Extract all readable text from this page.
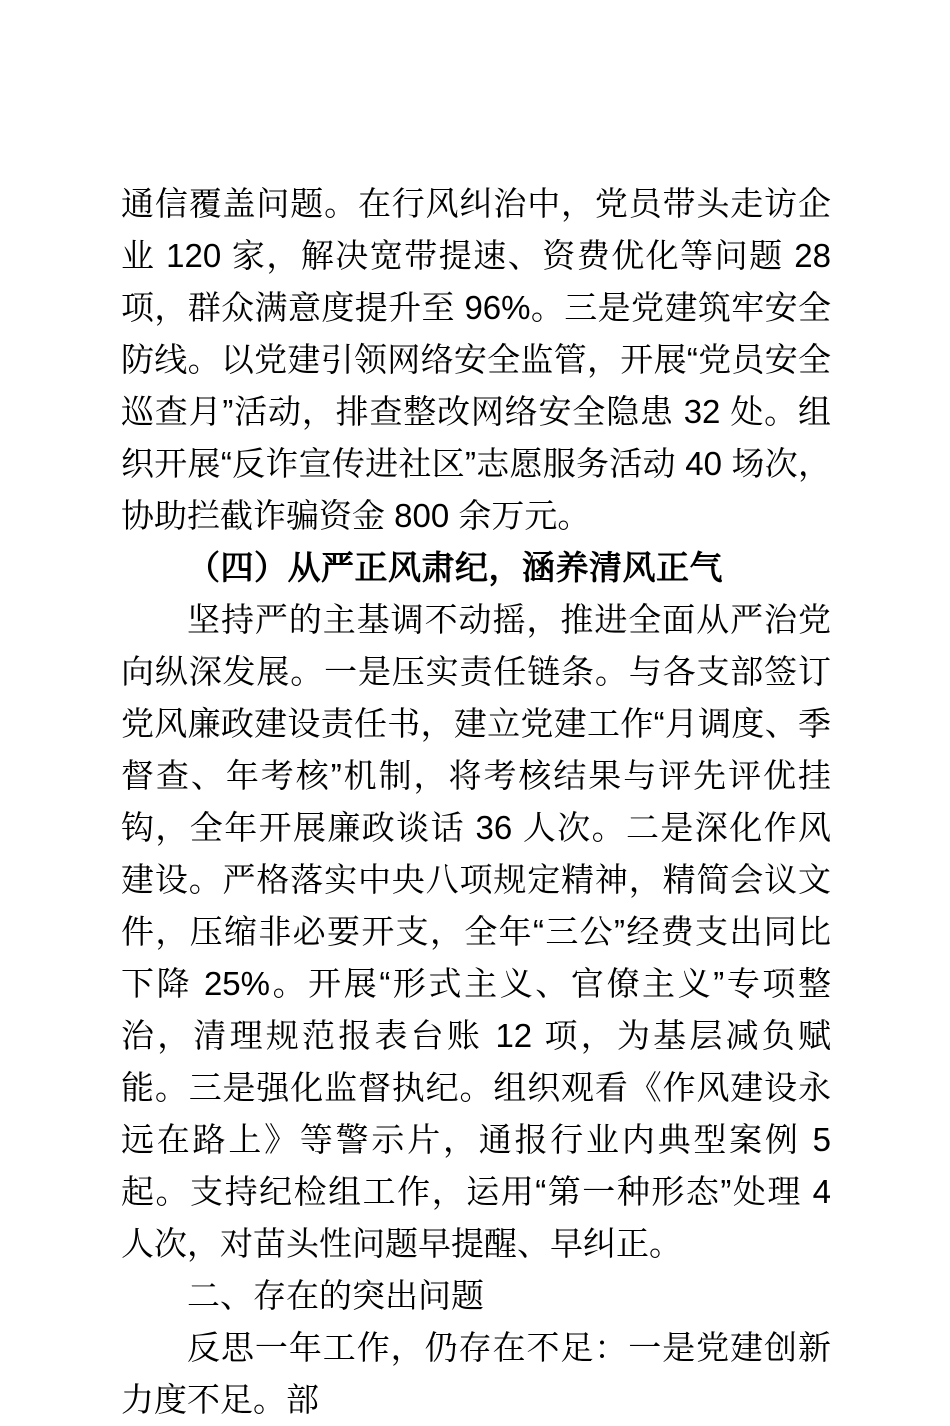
通信覆盖问题。在行风纠治中，党员带头走访企业 120 家，解决宽带提速、资费优化等问题 28 项，群众满意度提升至 96%。三是党建筑牢安全防线。以党建引领网络安全监管，开展“党员安全巡查月”活动，排查整改网络安全隐患 32 处。组织开展“反诈宣传进社区”志愿服务活动 40 场次，协助拦截诈骗资金 800 余万元。

（四）从严正风肃纪，涵养清风正气

坚持严的主基调不动摇，推进全面从严治党向纵深发展。一是压实责任链条。与各支部签订党风廉政建设责任书，建立党建工作“月调度、季督查、年考核”机制，将考核结果与评先评优挂钩，全年开展廉政谈话 36 人次。二是深化作风建设。严格落实中央八项规定精神，精简会议文件，压缩非必要开支，全年“三公”经费支出同比下降 25%。开展“形式主义、官僚主义”专项整治，清理规范报表台账 12 项，为基层减负赋能。三是强化监督执纪。组织观看《作风建设永远在路上》等警示片，通报行业内典型案例 5 起。支持纪检组工作，运用“第一种形态”处理 4 人次，对苗头性问题早提醒、早纠正。

二、存在的突出问题

反思一年工作，仍存在不足：一是党建创新力度不足。部
